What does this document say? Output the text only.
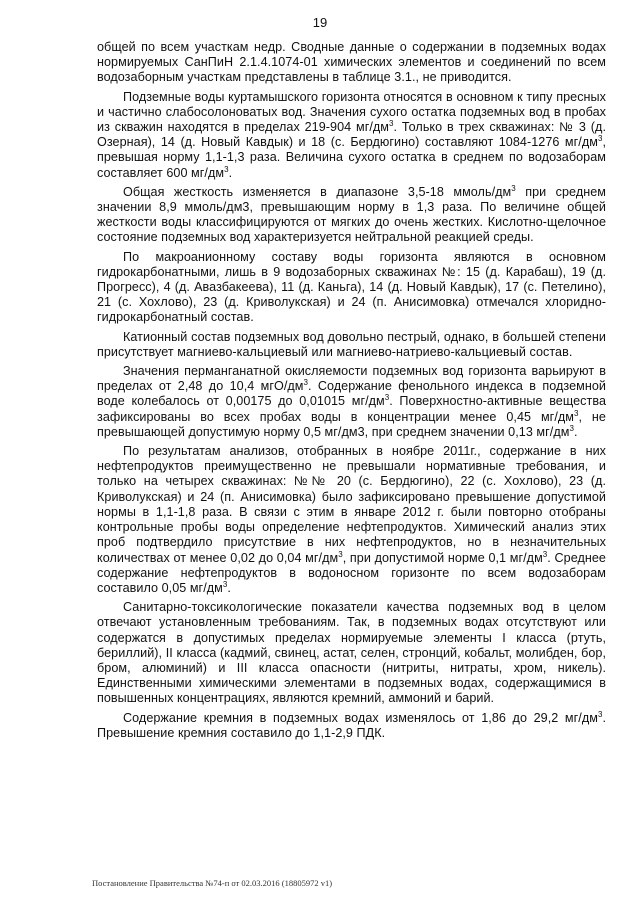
19

общей по всем участкам недр. Сводные данные о содержании в подземных водах нормируемых СанПиН 2.1.4.1074-01 химических элементов и соединений по всем водозаборным участкам представлены в таблице 3.1., не приводится.

Подземные воды куртамышского горизонта относятся в основном к типу пресных и частично слабосолоноватых вод. Значения сухого остатка подземных вод в пробах из скважин находятся в пределах 219-904 $мг/дм^3$. Только в трех скважинах: № 3 (д. Озерная), 14 (д. Новый Кавдык) и 18 (с. Бердюгино) составляют 1084-1276 $мг/дм^3$, превышая норму 1,1-1,3 раза. Величина сухого остатка в среднем по водозаборам составляет 600 $мг/дм^3$.

Общая жесткость изменяется в диапазоне 3,5-18 ммоль/$дм^3$ при среднем значении 8,9 ммоль/дм3, превышающим норму в 1,3 раза. По величине общей жесткости воды классифицируются от мягких до очень жестких. Кислотно-щелочное состояние подземных вод характеризуется нейтральной реакцией среды.

По макроанионному составу воды горизонта являются в основном гидрокарбонатными, лишь в 9 водозаборных скважинах №: 15 (д. Карабаш), 19 (д. Прогресс), 4 (д. Авазбакеева), 11 (д. Каньга), 14 (д. Новый Кавдык), 17 (с. Петелино), 21 (с. Хохлово), 23 (д. Криволукская) и 24 (п. Анисимовка) отмечался хлоридно-гидрокарбонатный состав.

Катионный состав подземных вод довольно пестрый, однако, в большей степени присутствует магниево-кальциевый или магниево-натриево-кальциевый состав.

Значения перманганатной окисляемости подземных вод горизонта варьируют в пределах от 2,48 до 10,4 мгО/$дм^3$. Содержание фенольного индекса в подземной воде колебалось от 0,00175 до 0,01015 $мг/дм^3$. Поверхностно-активные вещества зафиксированы во всех пробах воды в концентрации менее 0,45 $мг/дм^3$, не превышающей допустимую норму 0,5 мг/дм3, при среднем значении 0,13 $мг/дм^3$.

По результатам анализов, отобранных в ноябре 2011г., содержание в них нефтепродуктов преимущественно не превышали нормативные требования, и только на четырех скважинах: №№ 20 (с. Бердюгино), 22 (с. Хохлово), 23 (д. Криволукская) и 24 (п. Анисимовка) было зафиксировано превышение допустимой нормы в 1,1-1,8 раза. В связи с этим в январе 2012 г. были повторно отобраны контрольные пробы воды определение нефтепродуктов. Химический анализ этих проб подтвердило присутствие в них нефтепродуктов, но в незначительных количествах от менее 0,02 до 0,04 $мг/дм^3$, при допустимой норме 0,1 $мг/дм^3$. Среднее содержание нефтепродуктов в водоносном горизонте по всем водозаборам составило 0,05 $мг/дм^3$.

Санитарно-токсикологические показатели качества подземных вод в целом отвечают установленным требованиям. Так, в подземных водах отсутствуют или содержатся в допустимых пределах нормируемые элементы I класса (ртуть, бериллий), II класса (кадмий, свинец, астат, селен, стронций, кобальт, молибден, бор, бром, алюминий) и III класса опасности (нитриты, нитраты, хром, никель). Единственными химическими элементами в подземных водах, содержащимися в повышенных концентрациях, являются кремний, аммоний и барий.

Содержание кремния в подземных водах изменялось от 1,86 до 29,2 $мг/дм^3$. Превышение кремния составило до 1,1-2,9 ПДК.

Постановление Правительства №74-п от 02.03.2016 (18805972 v1)
